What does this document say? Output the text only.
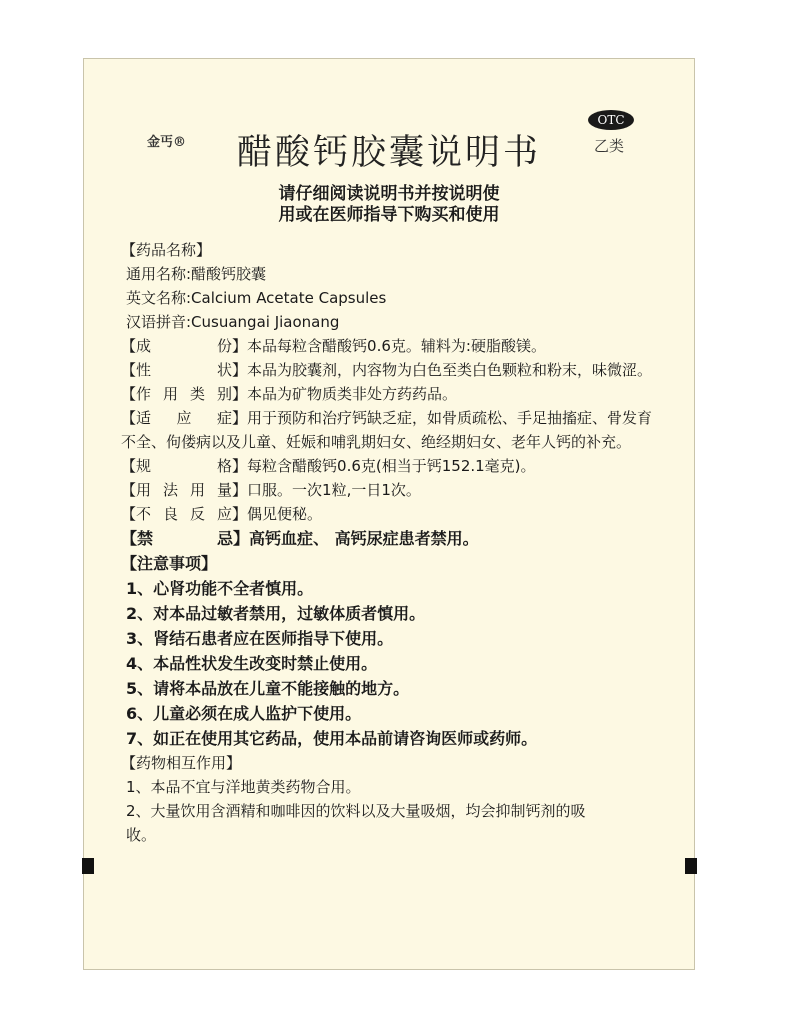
金丐®	醋酸钙胶囊说明书
OTC
乙类
请仔细阅读说明书并按说明使
用或在医师指导下购买和使用
【药品名称】
通用名称:醋酸钙胶囊
英文名称:Calcium Acetate Capsules
汉语拼音:Cusuangai Jiaonang
【成份】本品每粒含醋酸钙0.6克。辅料为:硬脂酸镁。
【性状】本品为胶囊剂，内容物为白色至类白色颗粒和粉末，味微涩。
【作用类别】本品为矿物质类非处方药药品。
【适应症】用于预防和治疗钙缺乏症，如骨质疏松、手足抽搐症、骨发育不全、佝偻病以及儿童、妊娠和哺乳期妇女、绝经期妇女、老年人钙的补充。
【规格】每粒含醋酸钙0.6克(相当于钙152.1毫克)。
【用法用量】口服。一次1粒,一日1次。
【不良反应】偶见便秘。
【禁忌】高钙血症、 高钙尿症患者禁用。
【注意事项】
1、心肾功能不全者慎用。
2、对本品过敏者禁用，过敏体质者慎用。
3、肾结石患者应在医师指导下使用。
4、本品性状发生改变时禁止使用。
5、请将本品放在儿童不能接触的地方。
6、儿童必须在成人监护下使用。
7、如正在使用其它药品，使用本品前请咨询医师或药师。
【药物相互作用】
1、本品不宜与洋地黄类药物合用。
2、大量饮用含酒精和咖啡因的饮料以及大量吸烟，均会抑制钙剂的吸收。
